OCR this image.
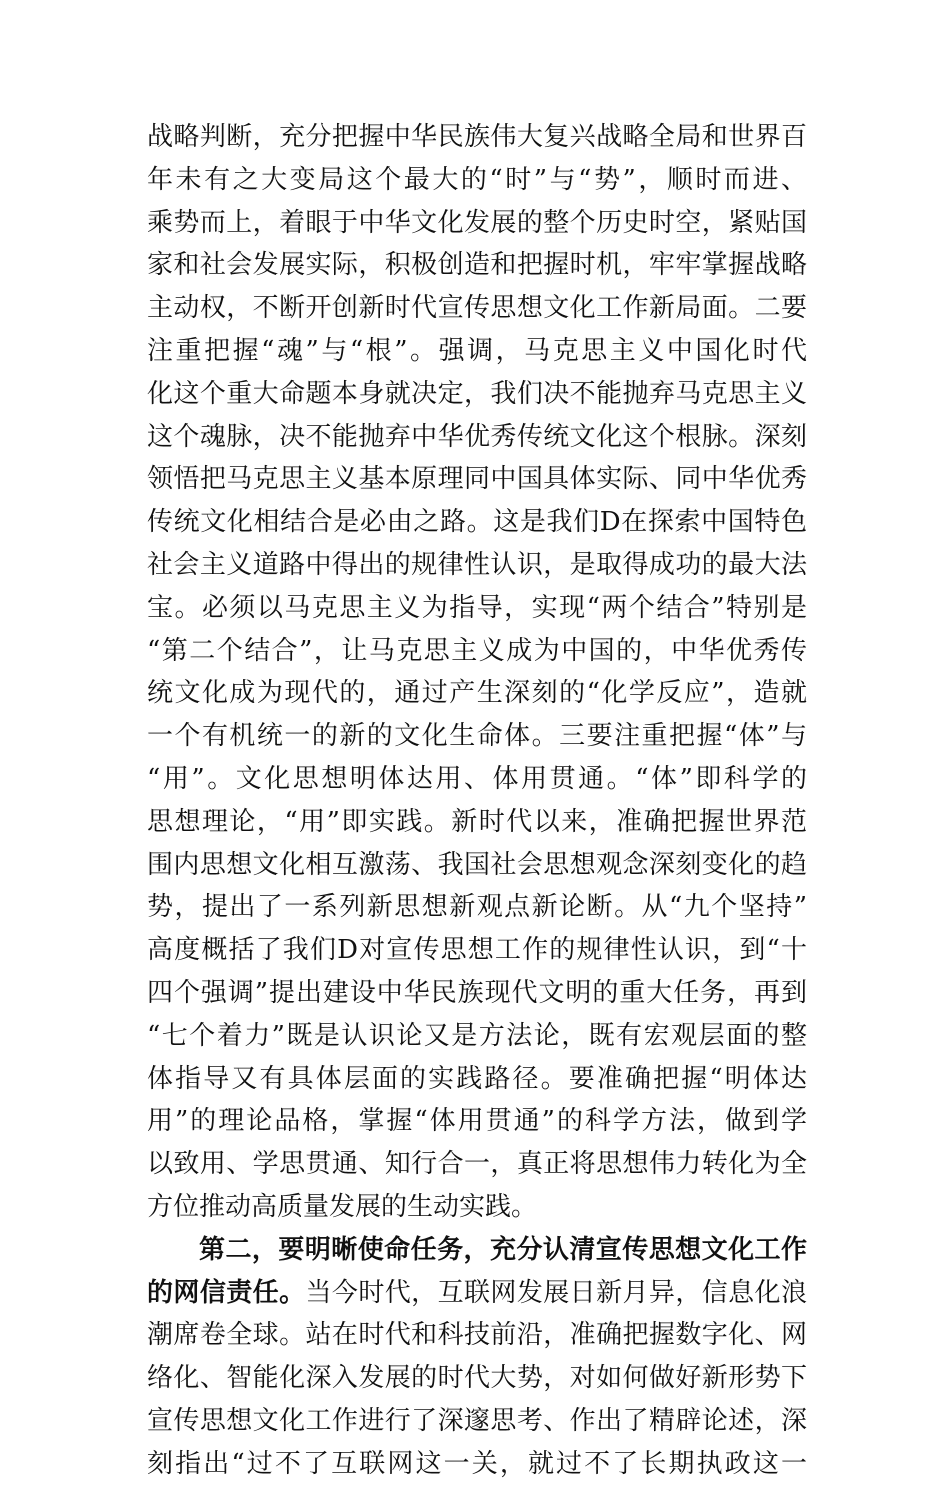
战略判断，充分把握中华民族伟大复兴战略全局和世界百
年未有之大变局这个最大的“时”与“势”，顺时而进、
乘势而上，着眼于中华文化发展的整个历史时空，紧贴国
家和社会发展实际，积极创造和把握时机，牢牢掌握战略
主动权，不断开创新时代宣传思想文化工作新局面。二要
注重把握“魂”与“根”。强调，马克思主义中国化时代
化这个重大命题本身就决定，我们决不能抛弃马克思主义
这个魂脉，决不能抛弃中华优秀传统文化这个根脉。深刻
领悟把马克思主义基本原理同中国具体实际、同中华优秀
传统文化相结合是必由之路。这是我们D在探索中国特色
社会主义道路中得出的规律性认识，是取得成功的最大法
宝。必须以马克思主义为指导，实现“两个结合”特别是
“第二个结合”，让马克思主义成为中国的，中华优秀传
统文化成为现代的，通过产生深刻的“化学反应”，造就
一个有机统一的新的文化生命体。三要注重把握“体”与
“用”。文化思想明体达用、体用贯通。“体”即科学的
思想理论，“用”即实践。新时代以来，准确把握世界范
围内思想文化相互激荡、我国社会思想观念深刻变化的趋
势，提出了一系列新思想新观点新论断。从“九个坚持”
高度概括了我们D对宣传思想工作的规律性认识，到“十
四个强调”提出建设中华民族现代文明的重大任务，再到
“七个着力”既是认识论又是方法论，既有宏观层面的整
体指导又有具体层面的实践路径。要准确把握“明体达
用”的理论品格，掌握“体用贯通”的科学方法，做到学
以致用、学思贯通、知行合一，真正将思想伟力转化为全
方位推动高质量发展的生动实践。
第二，要明晰使命任务，充分认清宣传思想文化工作
的网信责任。当今时代，互联网发展日新月异，信息化浪
潮席卷全球。站在时代和科技前沿，准确把握数字化、网
络化、智能化深入发展的时代大势，对如何做好新形势下
宣传思想文化工作进行了深邃思考、作出了精辟论述，深
刻指出“过不了互联网这一关，就过不了长期执政这一
